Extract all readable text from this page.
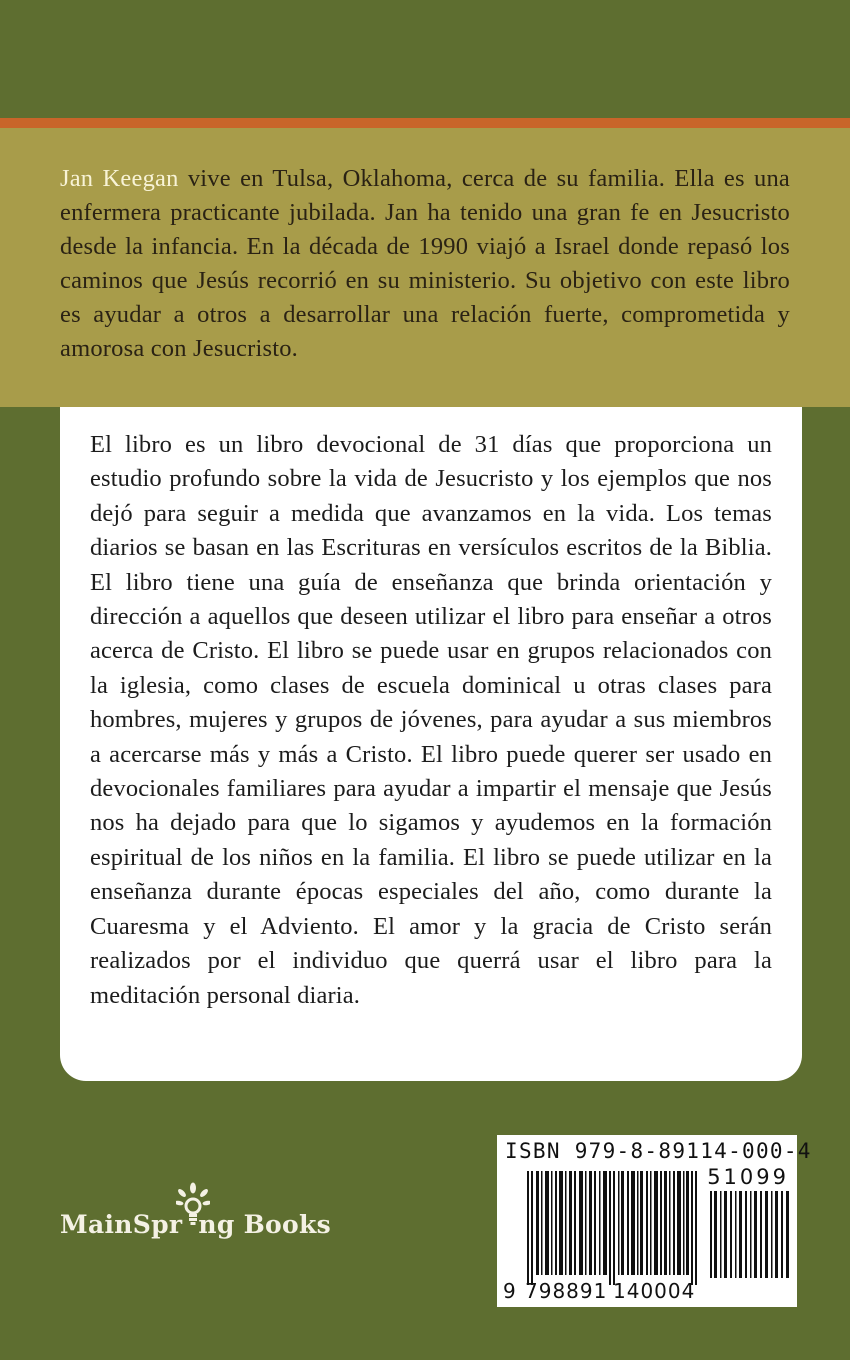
Jan Keegan vive en Tulsa, Oklahoma, cerca de su familia. Ella es una enfermera practicante jubilada. Jan ha tenido una gran fe en Jesucristo desde la infancia. En la década de 1990 viajó a Israel donde repasó los caminos que Jesús recorrió en su ministerio. Su objetivo con este libro es ayudar a otros a desarrollar una relación fuerte, comprometida y amorosa con Jesucristo.

El libro es un libro devocional de 31 días que proporciona un estudio profundo sobre la vida de Jesucristo y los ejemplos que nos dejó para seguir a medida que avanzamos en la vida. Los temas diarios se basan en las Escrituras en versículos escritos de la Biblia. El libro tiene una guía de enseñanza que brinda orientación y dirección a aquellos que deseen utilizar el libro para enseñar a otros acerca de Cristo. El libro se puede usar en grupos relacionados con la iglesia, como clases de escuela dominical u otras clases para hombres, mujeres y grupos de jóvenes, para ayudar a sus miembros a acercarse más y más a Cristo. El libro puede querer ser usado en devocionales familiares para ayudar a impartir el mensaje que Jesús nos ha dejado para que lo sigamos y ayudemos en la formación espiritual de los niños en la familia. El libro se puede utilizar en la enseñanza durante épocas especiales del año, como durante la Cuaresma y el Adviento. El amor y la gracia de Cristo serán realizados por el individuo que querrá usar el libro para la meditación personal diaria.

MainSpr ng Books
ISBN 979-8-89114-000-4
51099
9 798891 140004
